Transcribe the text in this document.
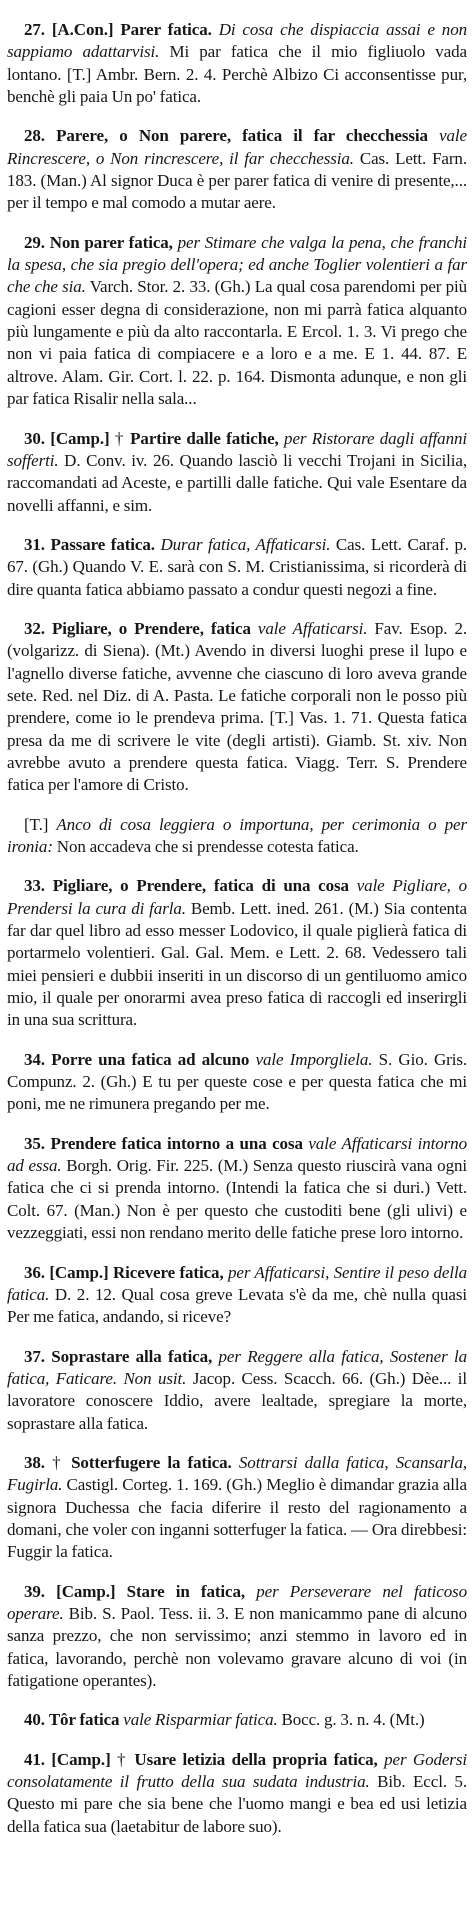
27. [A.Con.] Parer fatica. Di cosa che dispiaccia assai e non sappiamo adattarvisi. Mi par fatica che il mio figliuolo vada lontano. [T.] Ambr. Bern. 2. 4. Perchè Albizo Ci acconsentisse pur, benchè gli paia Un po' fatica.

28. Parere, o Non parere, fatica il far checchessia vale Rincrescere, o Non rincrescere, il far checchessia. Cas. Lett. Farn. 183. (Man.) Al signor Duca è per parer fatica di venire di presente,... per il tempo e mal comodo a mutar aere.

29. Non parer fatica, per Stimare che valga la pena, che franchi la spesa, che sia pregio dell'opera; ed anche Toglier volentieri a far che che sia. Varch. Stor. 2. 33. (Gh.) La qual cosa parendomi per più cagioni esser degna di considerazione, non mi parrà fatica alquanto più lungamente e più da alto raccontarla. E Ercol. 1. 3. Vi prego che non vi paia fatica di compiacere e a loro e a me. E 1. 44. 87. E altrove. Alam. Gir. Cort. l. 22. p. 164. Dismonta adunque, e non gli par fatica Risalir nella sala...

30. [Camp.] † Partire dalle fatiche, per Ristorare dagli affanni sofferti. D. Conv. iv. 26. Quando lasciò li vecchi Trojani in Sicilia, raccomandati ad Aceste, e partilli dalle fatiche. Qui vale Esentare da novelli affanni, e sim.

31. Passare fatica. Durar fatica, Affaticarsi. Cas. Lett. Caraf. p. 67. (Gh.) Quando V. E. sarà con S. M. Cristianissima, si ricorderà di dire quanta fatica abbiamo passato a condur questi negozi a fine.

32. Pigliare, o Prendere, fatica vale Affaticarsi. Fav. Esop. 2. (volgarizz. di Siena). (Mt.) Avendo in diversi luoghi prese il lupo e l'agnello diverse fatiche, avvenne che ciascuno di loro aveva grande sete. Red. nel Diz. di A. Pasta. Le fatiche corporali non le posso più prendere, come io le prendeva prima. [T.] Vas. 1. 71. Questa fatica presa da me di scrivere le vite (degli artisti). Giamb. St. xiv. Non avrebbe avuto a prendere questa fatica. Viagg. Terr. S. Prendere fatica per l'amore di Cristo.

[T.] Anco di cosa leggiera o importuna, per cerimonia o per ironia: Non accadeva che si prendesse cotesta fatica.

33. Pigliare, o Prendere, fatica di una cosa vale Pigliare, o Prendersi la cura di farla. Bemb. Lett. ined. 261. (M.) Sia contenta far dar quel libro ad esso messer Lodovico, il quale piglierà fatica di portarmelo volentieri. Gal. Gal. Mem. e Lett. 2. 68. Vedessero tali miei pensieri e dubbii inseriti in un discorso di un gentiluomo amico mio, il quale per onorarmi avea preso fatica di raccogli ed inserirgli in una sua scrittura.

34. Porre una fatica ad alcuno vale Imporgliela. S. Gio. Gris. Compunz. 2. (Gh.) E tu per queste cose e per questa fatica che mi poni, me ne rimunera pregando per me.

35. Prendere fatica intorno a una cosa vale Affaticarsi intorno ad essa. Borgh. Orig. Fir. 225. (M.) Senza questo riuscirà vana ogni fatica che ci si prenda intorno. (Intendi la fatica che si duri.) Vett. Colt. 67. (Man.) Non è per questo che custoditi bene (gli ulivi) e vezzeggiati, essi non rendano merito delle fatiche prese loro intorno.

36. [Camp.] Ricevere fatica, per Affaticarsi, Sentire il peso della fatica. D. 2. 12. Qual cosa greve Levata s'è da me, chè nulla quasi Per me fatica, andando, si riceve?

37. Soprastare alla fatica, per Reggere alla fatica, Sostener la fatica, Faticare. Non usit. Jacop. Cess. Scacch. 66. (Gh.) Dèe... il lavoratore conoscere Iddio, avere lealtade, spregiare la morte, soprastare alla fatica.

38. † Sotterfugere la fatica. Sottrarsi dalla fatica, Scansarla, Fugirla. Castigl. Corteg. 1. 169. (Gh.) Meglio è dimandar grazia alla signora Duchessa che facia diferire il resto del ragionamento a domani, che voler con inganni sotterfuger la fatica. — Ora direbbesi: Fuggir la fatica.

39. [Camp.] Stare in fatica, per Perseverare nel faticoso operare. Bib. S. Paol. Tess. ii. 3. E non manicammo pane di alcuno sanza prezzo, che non servissimo; anzi stemmo in lavoro ed in fatica, lavorando, perchè non volevamo gravare alcuno di voi (in fatigatione operantes).

40. Tôr fatica vale Risparmiar fatica. Bocc. g. 3. n. 4. (Mt.)

41. [Camp.] † Usare letizia della propria fatica, per Godersi consolatamente il frutto della sua sudata industria. Bib. Eccl. 5. Questo mi pare che sia bene che l'uomo mangi e bea ed usi letizia della fatica sua (laetabitur de labore suo).
